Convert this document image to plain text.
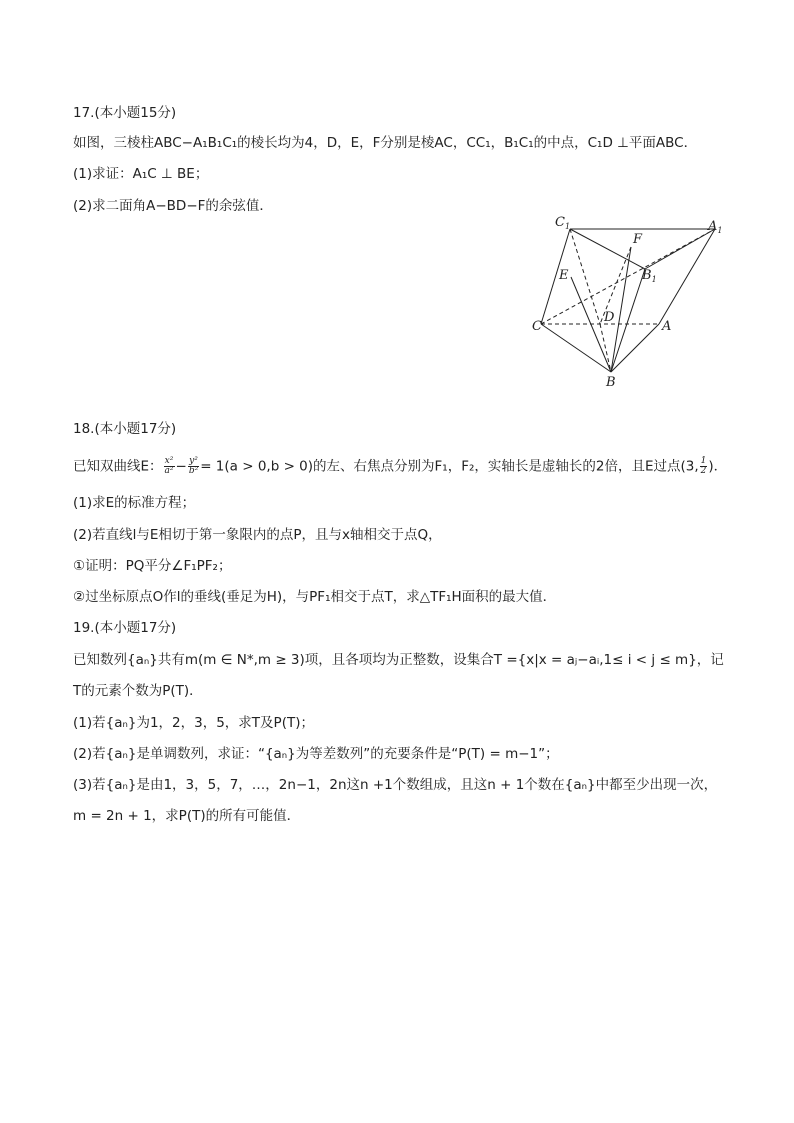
17.(本小题15分)
如图，三棱柱ABC−A₁B₁C₁的棱长均为4，D，E，F分别是棱AC，CC₁，B₁C₁的中点，C₁D ⊥平面ABC．
(1)求证：A₁C ⊥ BE；
(2)求二面角A−BD−F的余弦值．
$C_1$	$A_1$
F
$B_1$
E
D
C	A
B
18.(本小题17分)
已知双曲线E： $\frac{\text{x²}}{\text{a²}} - \frac{\text{y²}}{\text{b²}} = 1(a > 0,b > 0)$的左、右焦点分别为F₁，F₂，实轴长是虚轴长的2倍，且E过点(3, $\frac{1}{2}$ )．
(1)求E的标准方程；
(2)若直线l与E相切于第一象限内的点P，且与x轴相交于点Q，
①证明：PQ平分∠F₁PF₂；
②过坐标原点O作l的垂线(垂足为H)，与PF₁相交于点T，求△TF₁H面积的最大值．
19.(本小题17分)
已知数列{aₙ}共有m(m ∈ N*,m ≥ 3)项，且各项均为正整数，设集合T ={x|x = aⱼ−aᵢ,1≤ i < j ≤ m}，记
T的元素个数为P(T)．
(1)若{aₙ}为1，2，3，5，求T及P(T)；
(2)若{aₙ}是单调数列，求证：“{aₙ}为等差数列”的充要条件是“P(T) = m−1”；
(3)若{aₙ}是由1，3，5，7，…，2n−1，2n这n +1个数组成，且这n + 1个数在{aₙ}中都至少出现一次，
m = 2n + 1，求P(T)的所有可能值．
